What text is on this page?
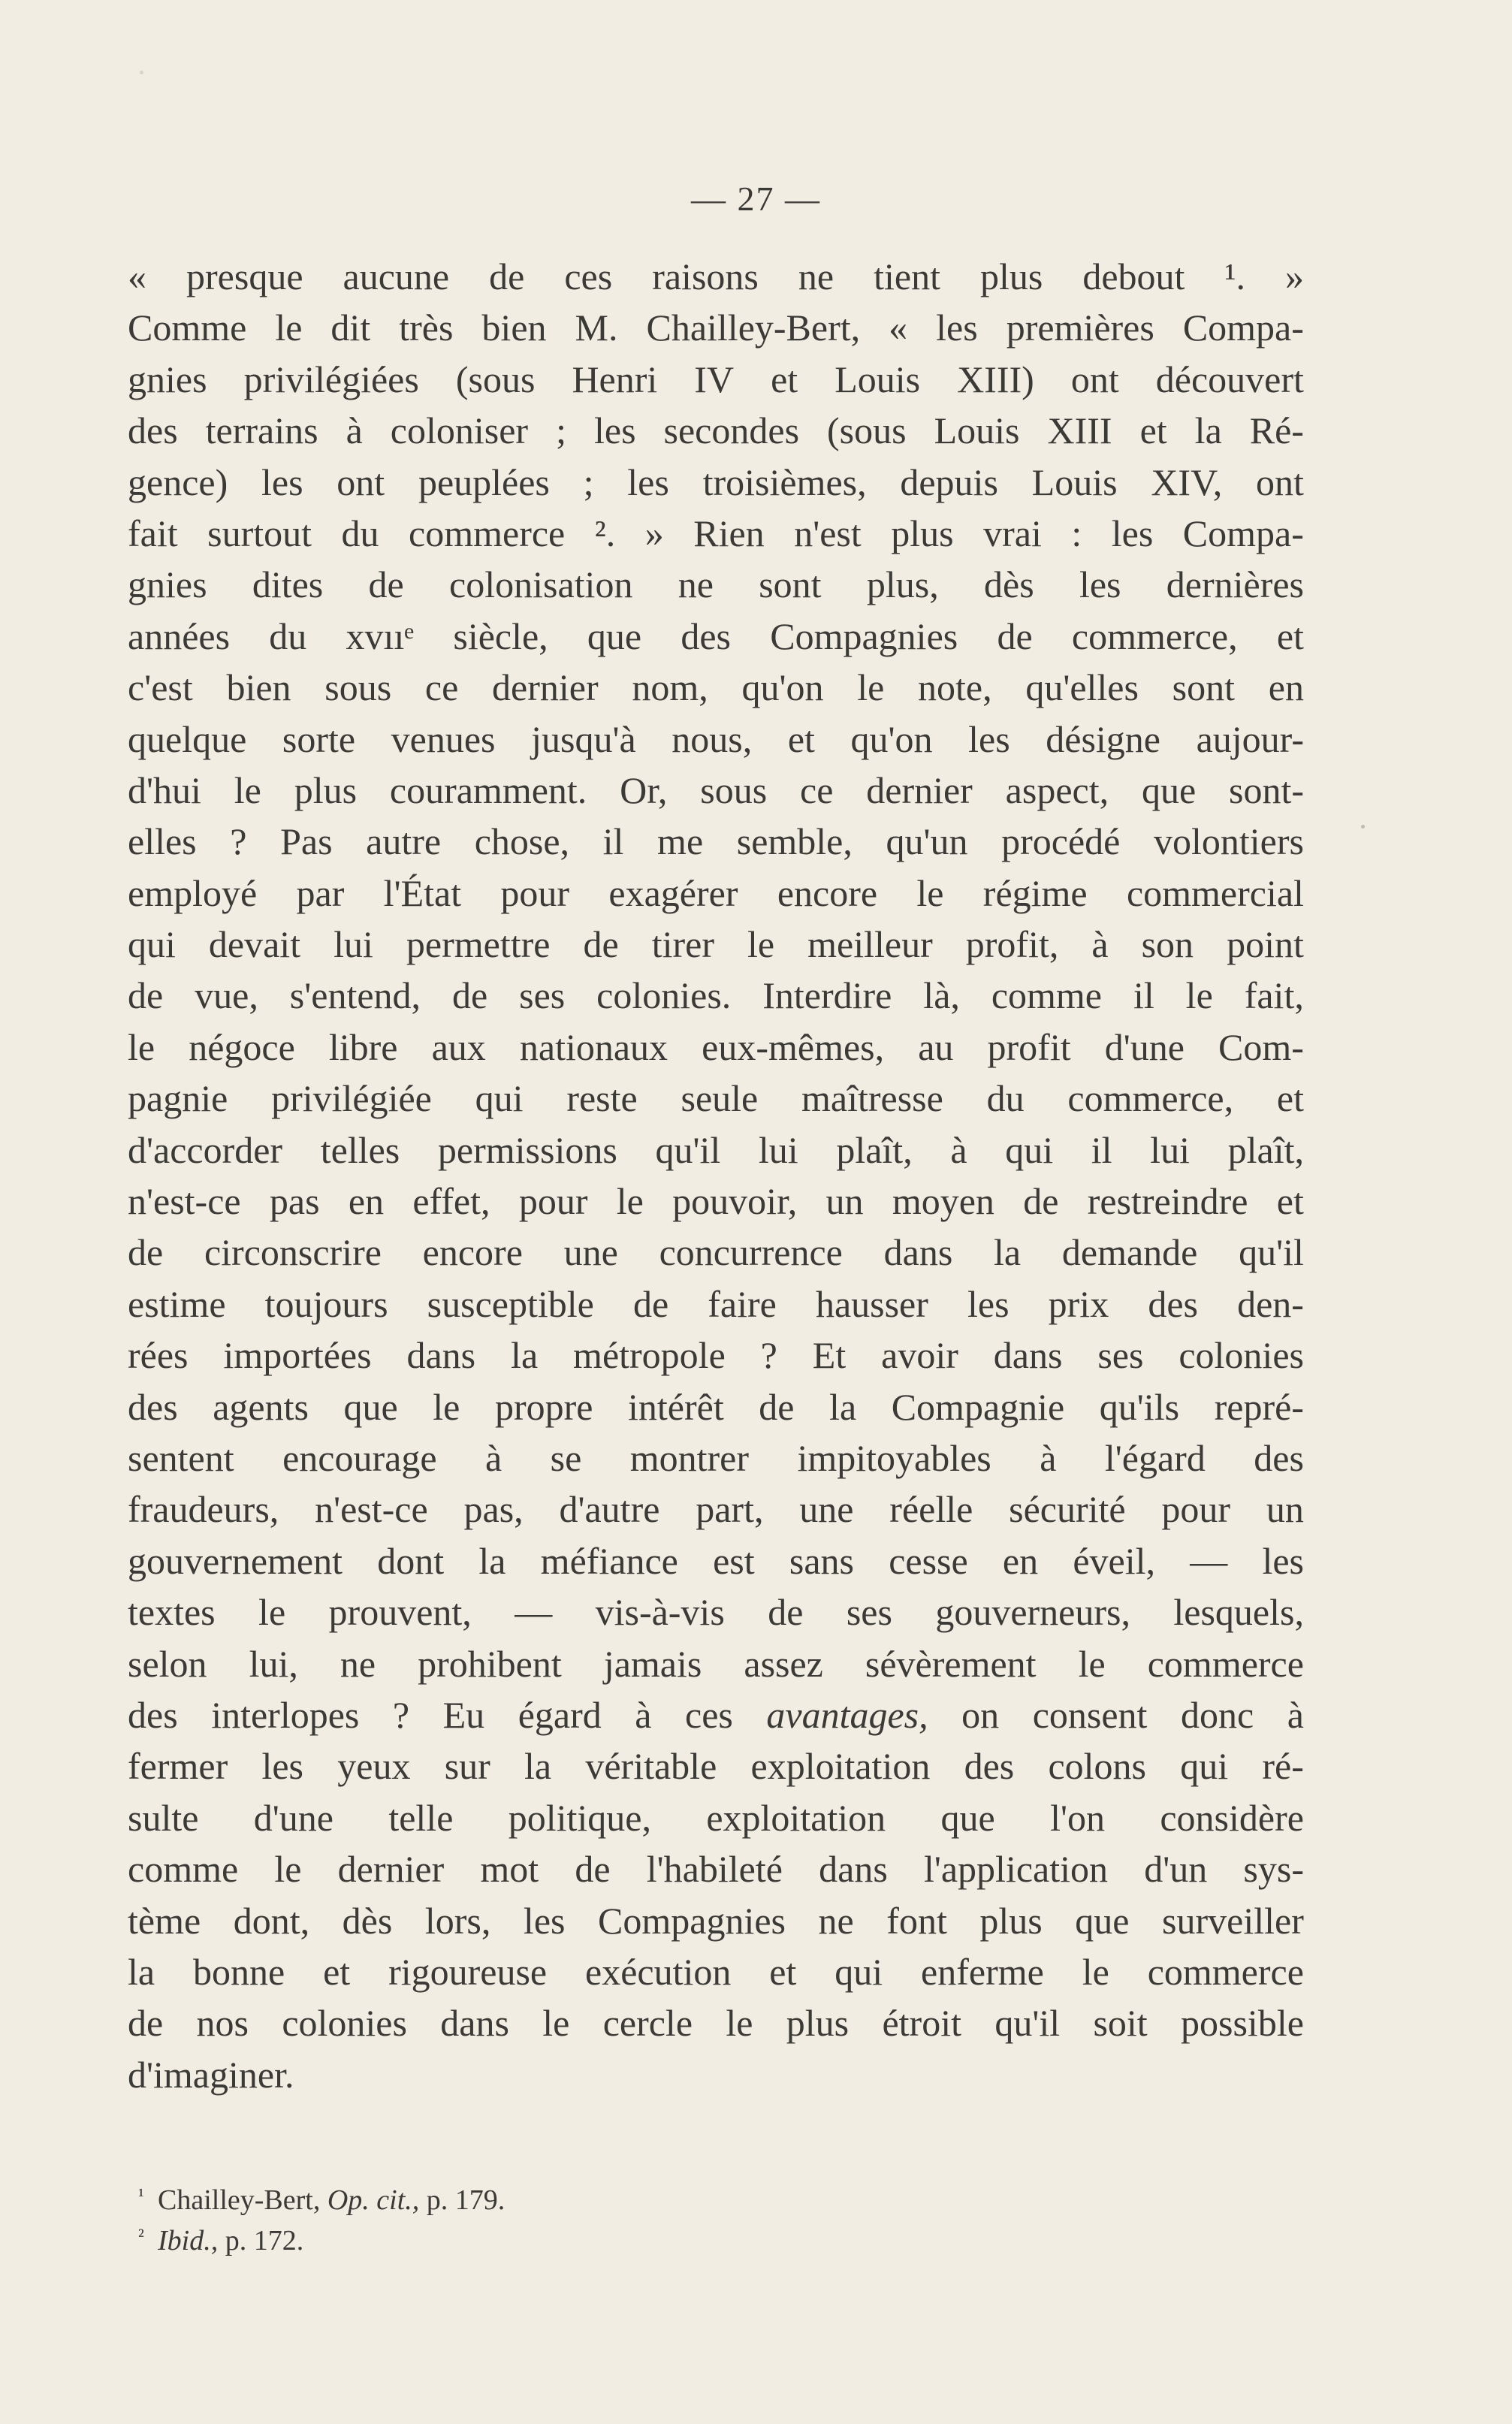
— 27 —
« presque aucune de ces raisons ne tient plus debout ¹. »
Comme le dit très bien M. Chailley-Bert, « les premières Compa-
gnies privilégiées (sous Henri IV et Louis XIII) ont découvert
des terrains à coloniser ; les secondes (sous Louis XIII et la Ré-
gence) les ont peuplées ; les troisièmes, depuis Louis XIV, ont
fait surtout du commerce ². » Rien n'est plus vrai : les Compa-
gnies dites de colonisation ne sont plus, dès les dernières
années du xvııᵉ siècle, que des Compagnies de commerce, et
c'est bien sous ce dernier nom, qu'on le note, qu'elles sont en
quelque sorte venues jusqu'à nous, et qu'on les désigne aujour-
d'hui le plus couramment. Or, sous ce dernier aspect, que sont-
elles ? Pas autre chose, il me semble, qu'un procédé volontiers
employé par l'État pour exagérer encore le régime commercial
qui devait lui permettre de tirer le meilleur profit, à son point
de vue, s'entend, de ses colonies. Interdire là, comme il le fait,
le négoce libre aux nationaux eux-mêmes, au profit d'une Com-
pagnie privilégiée qui reste seule maîtresse du commerce, et
d'accorder telles permissions qu'il lui plaît, à qui il lui plaît,
n'est-ce pas en effet, pour le pouvoir, un moyen de restreindre et
de circonscrire encore une concurrence dans la demande qu'il
estime toujours susceptible de faire hausser les prix des den-
rées importées dans la métropole ? Et avoir dans ses colonies
des agents que le propre intérêt de la Compagnie qu'ils repré-
sentent encourage à se montrer impitoyables à l'égard des
fraudeurs, n'est-ce pas, d'autre part, une réelle sécurité pour un
gouvernement dont la méfiance est sans cesse en éveil, — les
textes le prouvent, — vis-à-vis de ses gouverneurs, lesquels,
selon lui, ne prohibent jamais assez sévèrement le commerce
des interlopes ? Eu égard à ces avantages, on consent donc à
fermer les yeux sur la véritable exploitation des colons qui ré-
sulte d'une telle politique, exploitation que l'on considère
comme le dernier mot de l'habileté dans l'application d'un sys-
tème dont, dès lors, les Compagnies ne font plus que surveiller
la bonne et rigoureuse exécution et qui enferme le commerce
de nos colonies dans le cercle le plus étroit qu'il soit possible
d'imaginer.
¹ Chailley-Bert, Op. cit., p. 179.
² Ibid., p. 172.
